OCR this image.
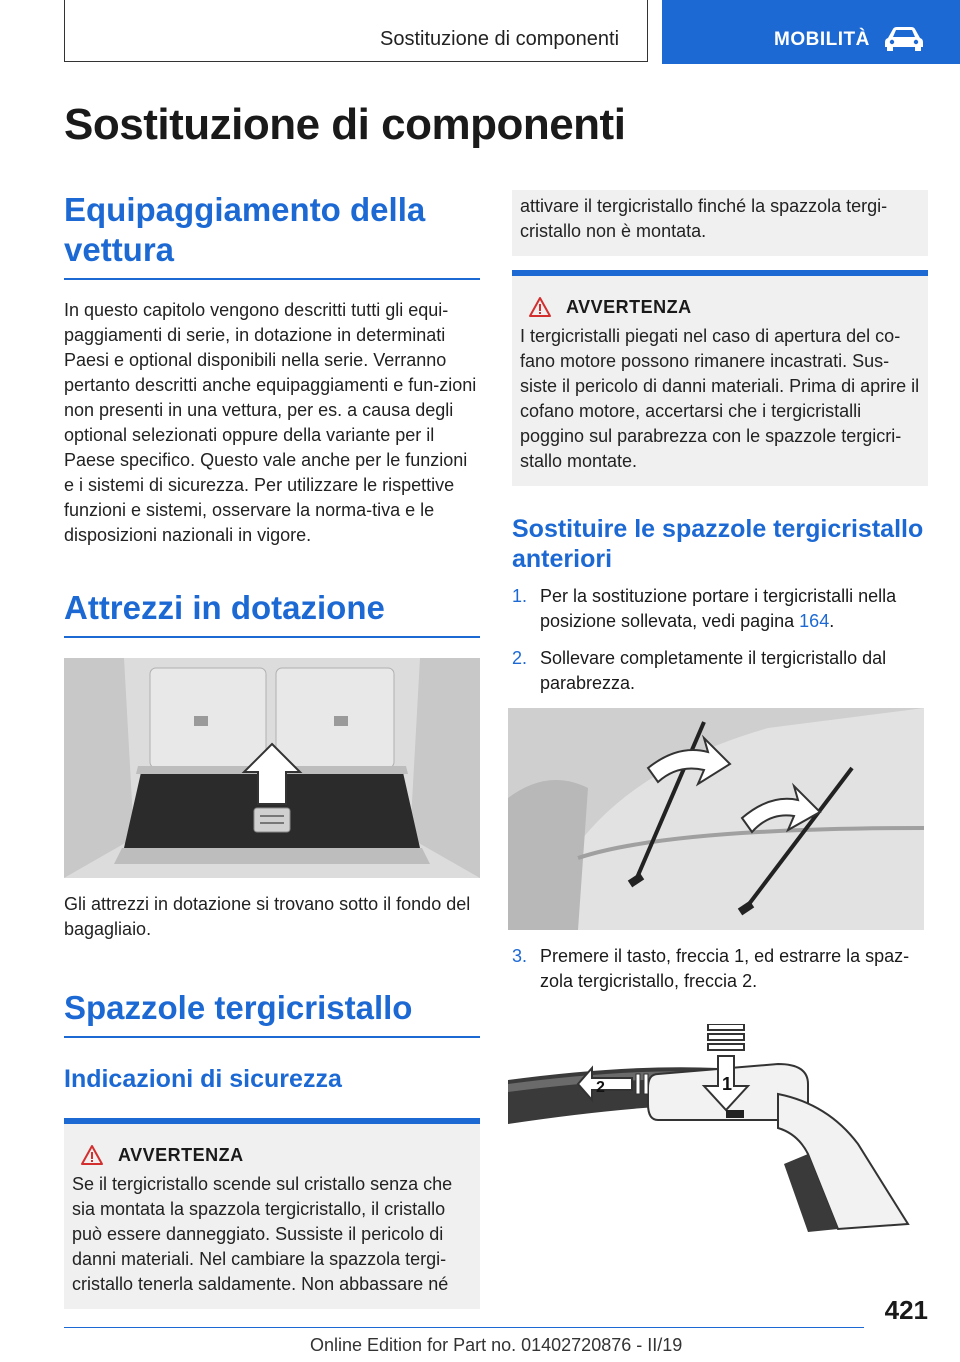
Sostituzione di componenti	MOBILITÀ
Sostituzione di componenti
Equipaggiamento della vettura

In questo capitolo vengono descritti tutti gli equi-paggiamenti di serie, in dotazione in determinati Paesi e optional disponibili nella serie. Verranno pertanto descritti anche equipaggiamenti e fun-zioni non presenti in una vettura, per es. a causa degli optional selezionati oppure della variante per il Paese specifico. Questo vale anche per le funzioni e i sistemi di sicurezza. Per utilizzare le rispettive funzioni e sistemi, osservare la norma-tiva e le disposizioni nazionali in vigore.

Attrezzi in dotazione

Gli attrezzi in dotazione si trovano sotto il fondo del bagagliaio.

Spazzole tergicristallo
Indicazioni di sicurezza
AVVERTENZA

Se il tergicristallo scende sul cristallo senza che sia montata la spazzola tergicristallo, il cristallo può essere danneggiato. Sussiste il pericolo di danni materiali. Nel cambiare la spazzola tergi-cristallo tenerla saldamente. Non abbassare né

attivare il tergicristallo finché la spazzola tergi-cristallo non è montata.

AVVERTENZA

I tergicristalli piegati nel caso di apertura del co-fano motore possono rimanere incastrati. Sus-siste il pericolo di danni materiali. Prima di aprire il cofano motore, accertarsi che i tergicristalli poggino sul parabrezza con le spazzole tergicri-stallo montate.

Sostituire le spazzole tergicristallo anteriori
1. Per la sostituzione portare i tergicristalli nella posizione sollevata, vedi pagina 164.
2. Sollevare completamente il tergicristallo dal parabrezza.
3. Premere il tasto, freccia 1, ed estrarre la spaz-zola tergicristallo, freccia 2.
1
2
421
Online Edition for Part no. 01402720876 - II/19
